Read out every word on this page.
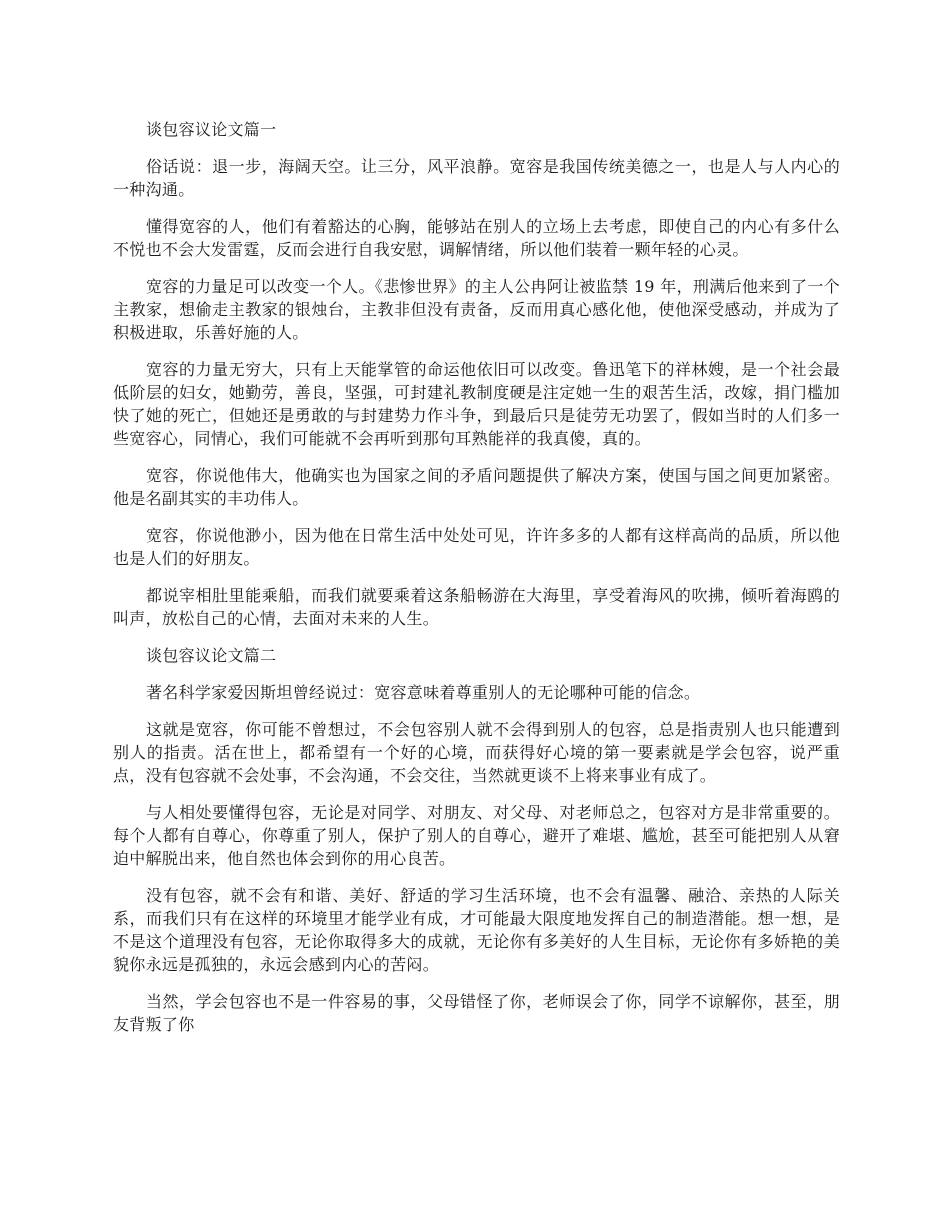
谈包容议论文篇一

俗话说：退一步，海阔天空。让三分，风平浪静。宽容是我国传统美德之一，也是人与人内心的一种沟通。

懂得宽容的人，他们有着豁达的心胸，能够站在别人的立场上去考虑，即使自己的内心有多什么不悦也不会大发雷霆，反而会进行自我安慰，调解情绪，所以他们装着一颗年轻的心灵。

宽容的力量足可以改变一个人。《悲惨世界》的主人公冉阿让被监禁 19 年，刑满后他来到了一个主教家，想偷走主教家的银烛台，主教非但没有责备，反而用真心感化他，使他深受感动，并成为了积极进取，乐善好施的人。

宽容的力量无穷大，只有上天能掌管的命运他依旧可以改变。鲁迅笔下的祥林嫂，是一个社会最低阶层的妇女，她勤劳，善良，坚强，可封建礼教制度硬是注定她一生的艰苦生活，改嫁，捐门槛加快了她的死亡，但她还是勇敢的与封建势力作斗争，到最后只是徒劳无功罢了，假如当时的人们多一些宽容心，同情心，我们可能就不会再听到那句耳熟能祥的我真傻，真的。

宽容，你说他伟大，他确实也为国家之间的矛盾问题提供了解决方案，使国与国之间更加紧密。他是名副其实的丰功伟人。

宽容，你说他渺小，因为他在日常生活中处处可见，许许多多的人都有这样高尚的品质，所以他也是人们的好朋友。

都说宰相肚里能乘船，而我们就要乘着这条船畅游在大海里，享受着海风的吹拂，倾听着海鸥的叫声，放松自己的心情，去面对未来的人生。

谈包容议论文篇二

著名科学家爱因斯坦曾经说过：宽容意味着尊重别人的无论哪种可能的信念。

这就是宽容，你可能不曾想过，不会包容别人就不会得到别人的包容，总是指责别人也只能遭到别人的指责。活在世上，都希望有一个好的心境，而获得好心境的第一要素就是学会包容，说严重点，没有包容就不会处事，不会沟通，不会交往，当然就更谈不上将来事业有成了。

与人相处要懂得包容，无论是对同学、对朋友、对父母、对老师总之，包容对方是非常重要的。每个人都有自尊心，你尊重了别人，保护了别人的自尊心，避开了难堪、尴尬，甚至可能把别人从窘迫中解脱出来，他自然也体会到你的用心良苦。

没有包容，就不会有和谐、美好、舒适的学习生活环境，也不会有温馨、融洽、亲热的人际关系，而我们只有在这样的环境里才能学业有成，才可能最大限度地发挥自己的制造潜能。想一想，是不是这个道理没有包容，无论你取得多大的成就，无论你有多美好的人生目标，无论你有多娇艳的美貌你永远是孤独的，永远会感到内心的苦闷。

当然，学会包容也不是一件容易的事，父母错怪了你，老师误会了你，同学不谅解你，甚至，朋友背叛了你
